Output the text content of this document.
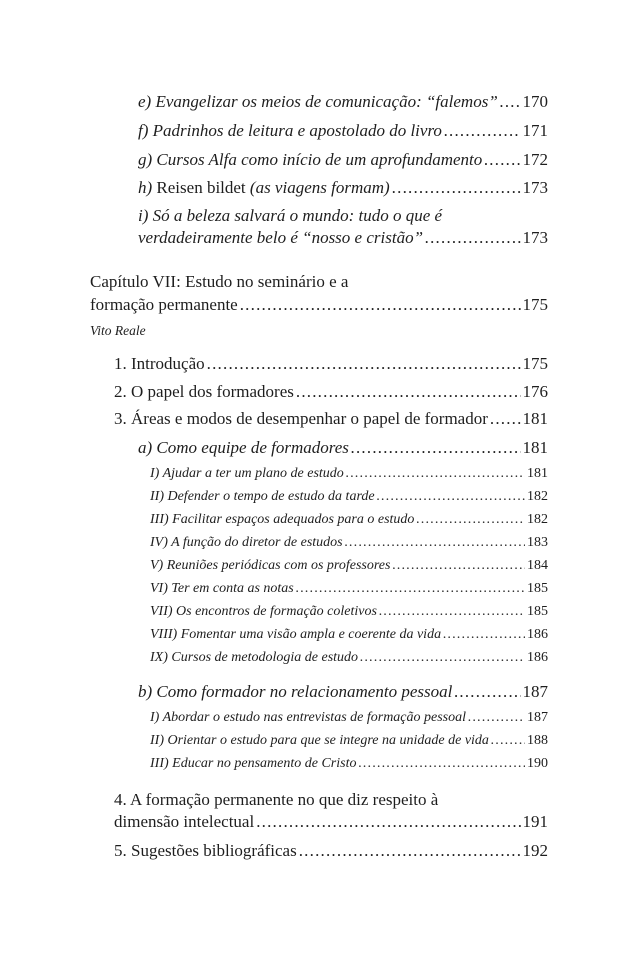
e) Evangelizar os meios de comunicação: “falemos” ..... 170
f) Padrinhos de leitura e apostolado do livro .....	171
g) Cursos Alfa como início de um aprofundamento ..... 172
h) Reisen bildet (as viagens formam) .....	173
i) Só a beleza salvará o mundo: tudo o que é
verdadeiramente belo é “nosso e cristão” .....	173
Capítulo VII: Estudo no seminário e a
formação permanente .....	175
Vito Reale
1. Introdução .....	175
2. O papel dos formadores .....	176
3. Áreas e modos de desempenhar o papel de formador ..... 181
a) Como equipe de formadores .....	181
I) Ajudar a ter um plano de estudo .....	181
II) Defender o tempo de estudo da tarde .....	182
III) Facilitar espaços adequados para o estudo .....	182
IV) A função do diretor de estudos .....	183
V) Reuniões periódicas com os professores .....	184
VI) Ter em conta as notas .....	185
VII) Os encontros de formação coletivos .....	185
VIII) Fomentar uma visão ampla e coerente da vida .....	186
IX) Cursos de metodologia de estudo .....	186
b) Como formador no relacionamento pessoal .....	187
I) Abordar o estudo nas entrevistas de formação pessoal .....	187
II) Orientar o estudo para que se integre na unidade de vida .....	188
III) Educar no pensamento de Cristo .....	190
4. A formação permanente no que diz respeito à
dimensão intelectual .....	191
5. Sugestões bibliográficas .....	192
